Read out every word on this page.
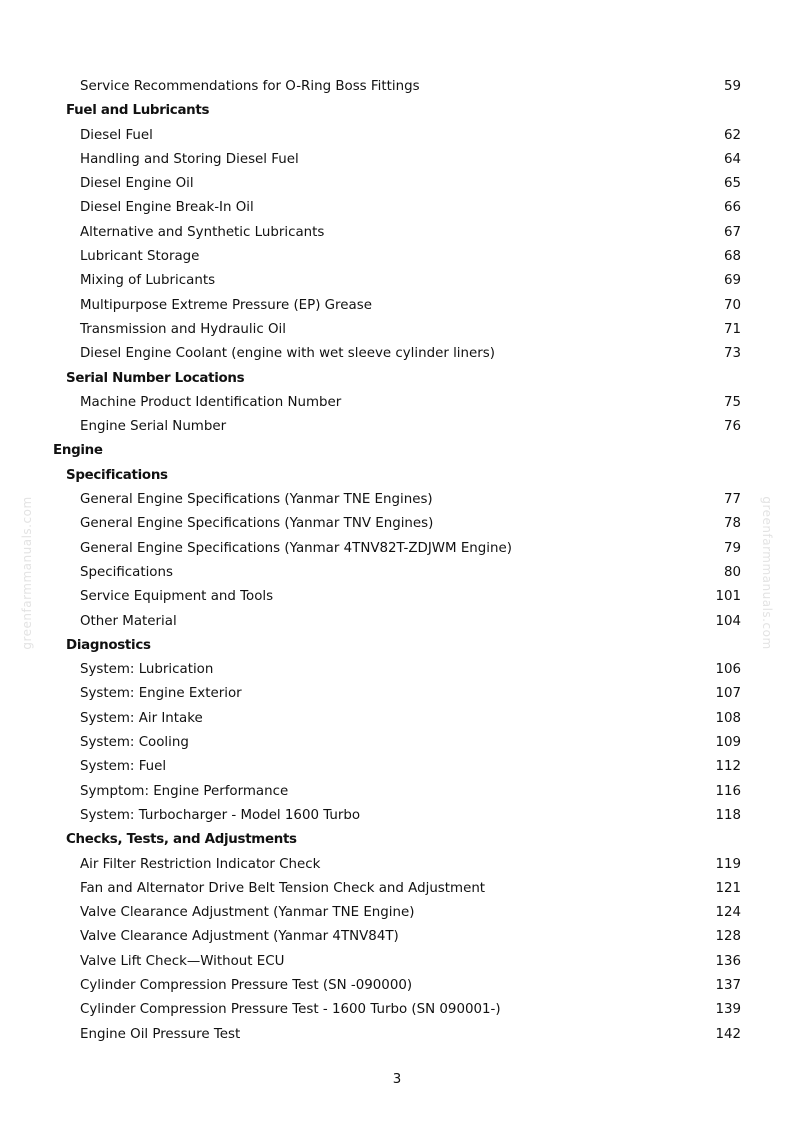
Service Recommendations for O-Ring Boss Fittings	59
Fuel and Lubricants
Diesel Fuel	62
Handling and Storing Diesel Fuel	64
Diesel Engine Oil	65
Diesel Engine Break-In Oil	66
Alternative and Synthetic Lubricants	67
Lubricant Storage	68
Mixing of Lubricants	69
Multipurpose Extreme Pressure (EP) Grease	70
Transmission and Hydraulic Oil	71
Diesel Engine Coolant (engine with wet sleeve cylinder liners)	73
Serial Number Locations
Machine Product Identification Number	75
Engine Serial Number	76
Engine
Specifications
General Engine Specifications (Yanmar TNE Engines)	77
General Engine Specifications (Yanmar TNV Engines)	78
General Engine Specifications (Yanmar 4TNV82T-ZDJWM Engine)	79
Specifications	80
Service Equipment and Tools	101
Other Material	104
Diagnostics
System: Lubrication	106
System: Engine Exterior	107
System: Air Intake	108
System: Cooling	109
System: Fuel	112
Symptom: Engine Performance	116
System: Turbocharger - Model 1600 Turbo	118
Checks, Tests, and Adjustments
Air Filter Restriction Indicator Check	119
Fan and Alternator Drive Belt Tension Check and Adjustment	121
Valve Clearance Adjustment (Yanmar TNE Engine)	124
Valve Clearance Adjustment (Yanmar 4TNV84T)	128
Valve Lift Check—Without ECU	136
Cylinder Compression Pressure Test (SN -090000)	137
Cylinder Compression Pressure Test - 1600 Turbo (SN 090001-)	139
Engine Oil Pressure Test	142
3
greenfarmmanuals.com	greenfarmmanuals.com
